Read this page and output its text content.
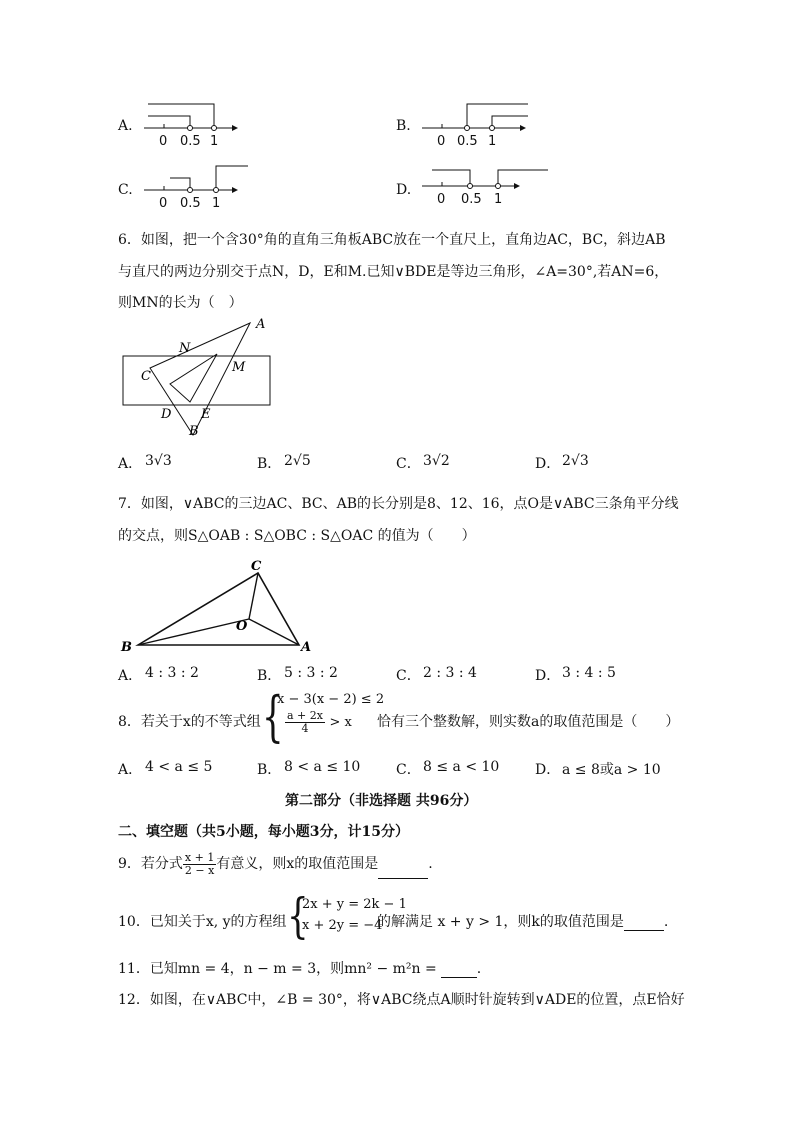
A.
0 0.5 1
B.
0 0.5 1
C.
0 0.5 1
D.
0 0.5 1
6．如图，把一个含30°角的直角三角板ABC放在一个直尺上，直角边AC，BC，斜边AB
与直尺的两边分别交于点N，D，E和M.已知∨BDE是等边三角形，∠A=30°,若AN=6，
则MN的长为（　）
A
N
M
C
D E
B
A． 3√3	B． 2√5	C． 3√2	D． 2√3
7．如图，∨ABC的三边AC、BC、AB的长分别是8、12、16，点O是∨ABC三条角平分线
的交点，则S△OAB : S△OBC : S△OAC 的值为（　　）
C
O
B	A
A． 4 : 3 : 2	B． 5 : 3 : 2	C． 2 : 3 : 4	D． 3 : 4 : 5
8．若关于x的不等式组 {
x − 3(x − 2) ≤ 2
$\frac{a + 2x}{4} > x$ 恰有三个整数解，则实数a的取值范围是（　　）
A． 4 < a ≤ 5	B． 8 < a ≤ 10	C． 8 ≤ a < 10	D． a ≤ 8或a > 10
第二部分（非选择题 共96分）
二、填空题（共5小题，每小题3分，计15分）
9．若分式 $\frac{x + 1}{2 - x}$ 有意义，则x的取值范围是	.
10．已知关于x, y的方程组 {
2x + y = 2k − 1
x + 2y = −4
的解满足 x + y > 1，则k的取值范围是	.
11．已知mn = 4，n − m = 3，则mn² − m²n =	.
12．如图，在∨ABC中，∠B = 30°，将∨ABC绕点A顺时针旋转到∨ADE的位置，点E恰好
